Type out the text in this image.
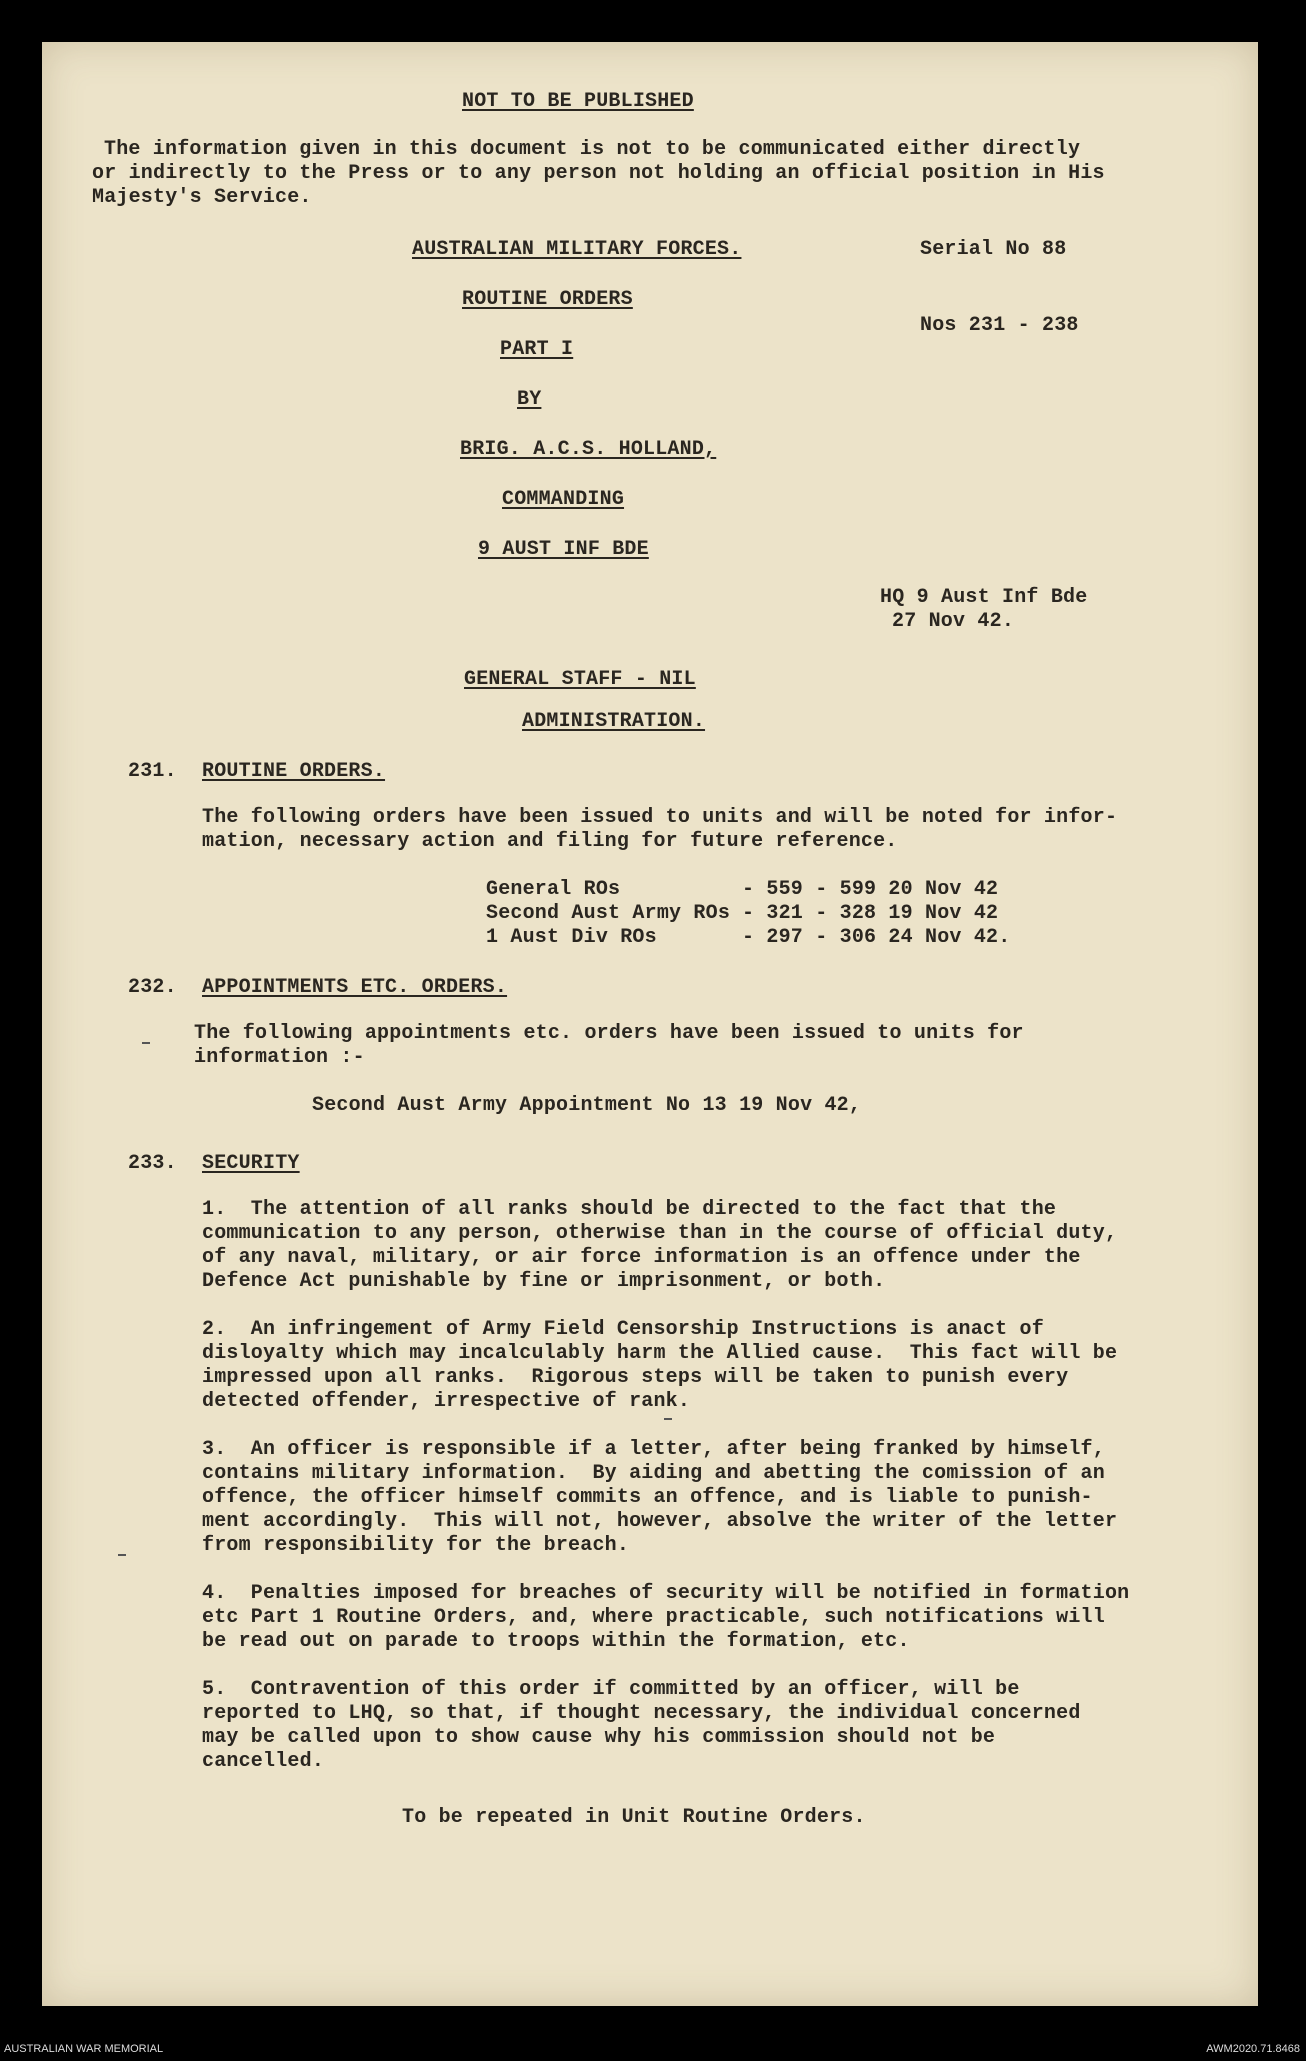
NOT TO BE PUBLISHED
The information given in this document is not to be communicated either directly
or indirectly to the Press or to any person not holding an official position in His
Majesty's Service.
AUSTRALIAN MILITARY FORCES.	Serial No 88
ROUTINE ORDERS
Nos 231 - 238
PART I
BY
BRIG. A.C.S. HOLLAND,
COMMANDING
9 AUST INF BDE
HQ 9 Aust Inf Bde
27 Nov 42.
GENERAL STAFF - NIL
ADMINISTRATION.
231. ROUTINE ORDERS.
The following orders have been issued to units and will be noted for infor-
mation, necessary action and filing for future reference.
General ROs	- 559 - 599 20 Nov 42
Second Aust Army ROs - 321 - 328 19 Nov 42
1 Aust Div ROs	- 297 - 306 24 Nov 42.
232. APPOINTMENTS ETC. ORDERS.
The following appointments etc. orders have been issued to units for
information :-
Second Aust Army Appointment No 13 19 Nov 42,
233. SECURITY
1.  The attention of all ranks should be directed to the fact that the
communication to any person, otherwise than in the course of official duty,
of any naval, military, or air force information is an offence under the
Defence Act punishable by fine or imprisonment, or both.
2.  An infringement of Army Field Censorship Instructions is anact of
disloyalty which may incalculably harm the Allied cause.  This fact will be
impressed upon all ranks.  Rigorous steps will be taken to punish every
detected offender, irrespective of rank.
3.  An officer is responsible if a letter, after being franked by himself,
contains military information.  By aiding and abetting the comission of an
offence, the officer himself commits an offence, and is liable to punish-
ment accordingly.  This will not, however, absolve the writer of the letter
from responsibility for the breach.
4.  Penalties imposed for breaches of security will be notified in formation
etc Part 1 Routine Orders, and, where practicable, such notifications will
be read out on parade to troops within the formation, etc.
5.  Contravention of this order if committed by an officer, will be
reported to LHQ, so that, if thought necessary, the individual concerned
may be called upon to show cause why his commission should not be
cancelled.
To be repeated in Unit Routine Orders.
AUSTRALIAN WAR MEMORIAL	AWM2020.71.8468
